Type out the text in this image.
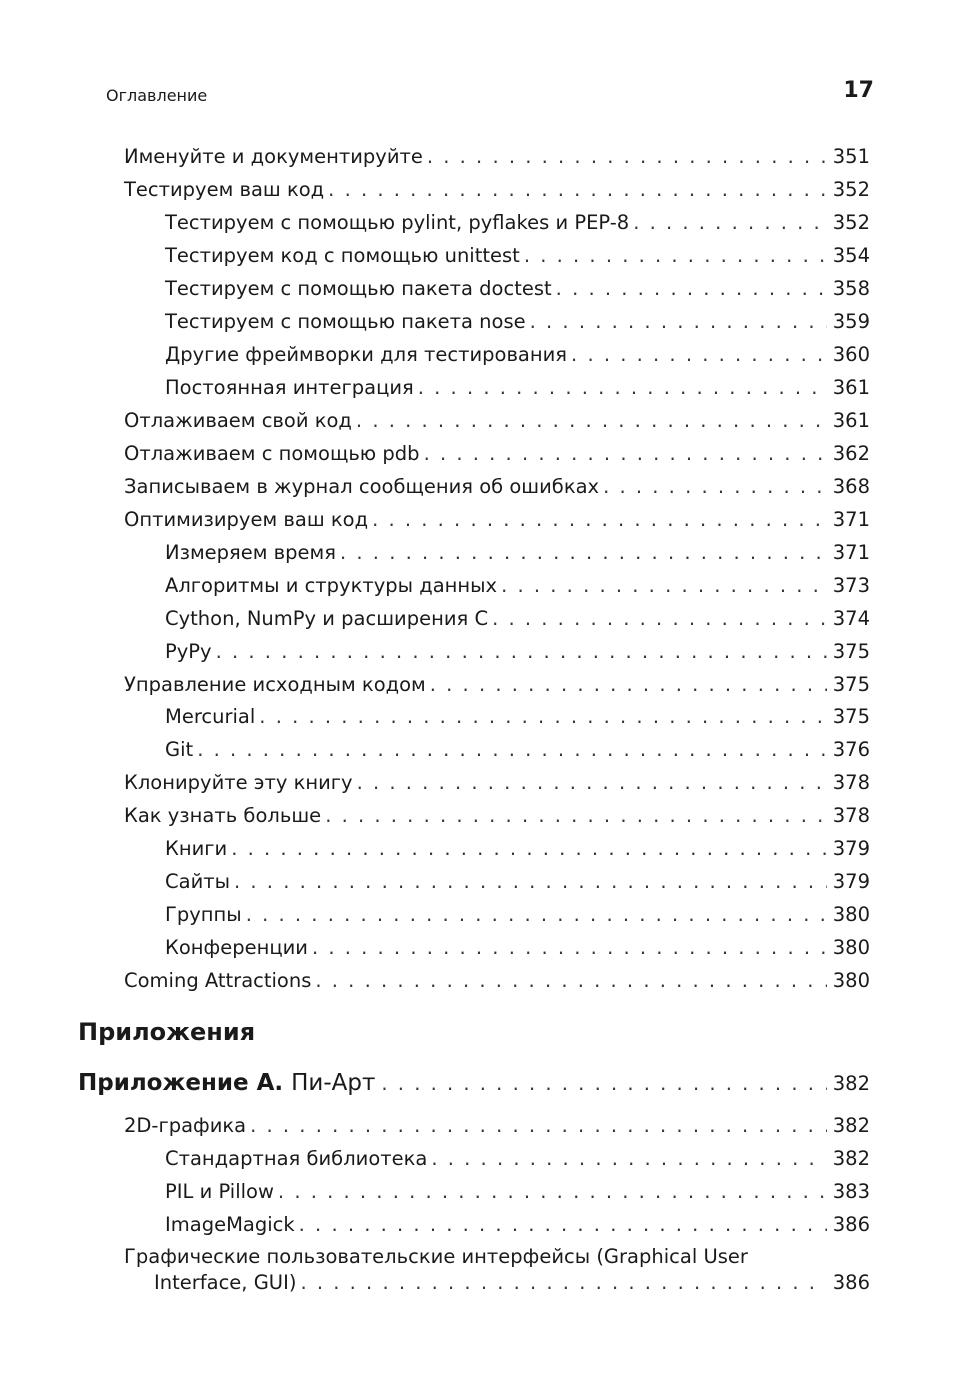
Оглавление	17
Именуйте и документируйте . . .	351
Тестируем ваш код . . .	352
Тестируем с помощью pylint, pyflakes и PEP-8 . . .	352
Тестируем код с помощью unittest . . .	354
Тестируем с помощью пакета doctest . . .	358
Тестируем с помощью пакета nose . . .	359
Другие фреймворки для тестирования . . .	360
Постоянная интеграция . . .	361
Отлаживаем свой код . . .	361
Отлаживаем с помощью pdb . . .	362
Записываем в журнал сообщения об ошибках . . .	368
Оптимизируем ваш код . . .	371
Измеряем время . . .	371
Алгоритмы и структуры данных . . .	373
Cython, NumPy и расширения C . . .	374
PyPy . . .	375
Управление исходным кодом . . .	375
Mercurial . . .	375
Git . . .	376
Клонируйте эту книгу . . .	378
Как узнать больше . . .	378
Книги . . .	379
Сайты . . .	379
Группы . . .	380
Конференции . . .	380
Coming Attractions . . .	380
Приложения
Приложение А. Пи-Арт . . .	382
2D-графика . . .	382
Стандартная библиотека . . .	382
PIL и Pillow . . .	383
ImageMagick . . .	386
Графические пользовательские интерфейсы (Graphical User
Interface, GUI) . . .	386
